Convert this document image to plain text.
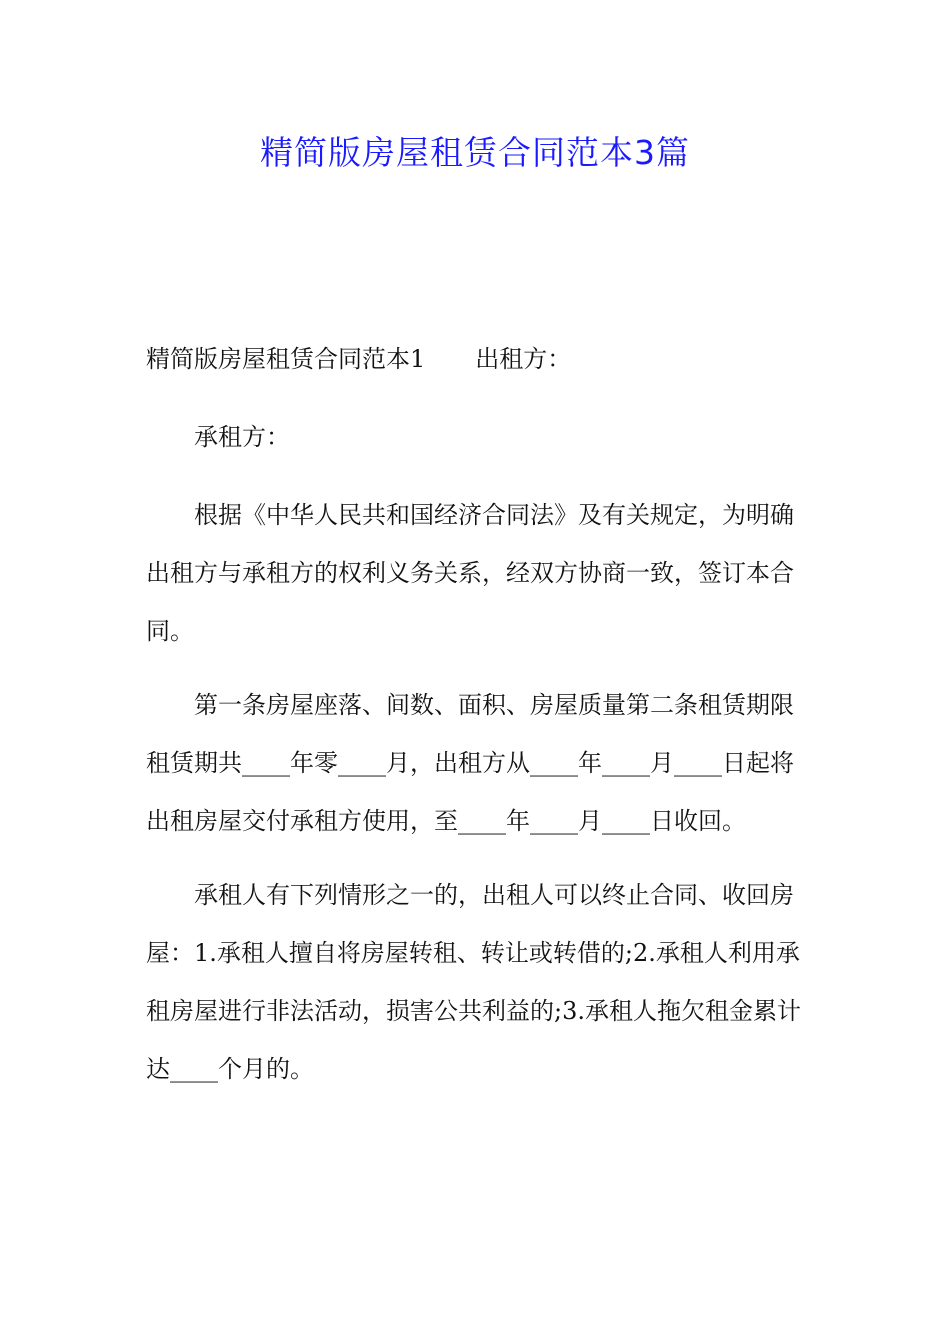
精简版房屋租赁合同范本3篇
精简版房屋租赁合同范本1 出租方：
承租方：
根据《中华人民共和国经济合同法》及有关规定，为明确
出租方与承租方的权利义务关系，经双方协商一致，签订本合
同。
第一条房屋座落、间数、面积、房屋质量第二条租赁期限
租赁期共____年零____月，出租方从____年____月____日起将
出租房屋交付承租方使用，至____年____月____日收回。
承租人有下列情形之一的，出租人可以终止合同、收回房
屋：1.承租人擅自将房屋转租、转让或转借的;2.承租人利用承
租房屋进行非法活动，损害公共利益的;3.承租人拖欠租金累计
达____个月的。
